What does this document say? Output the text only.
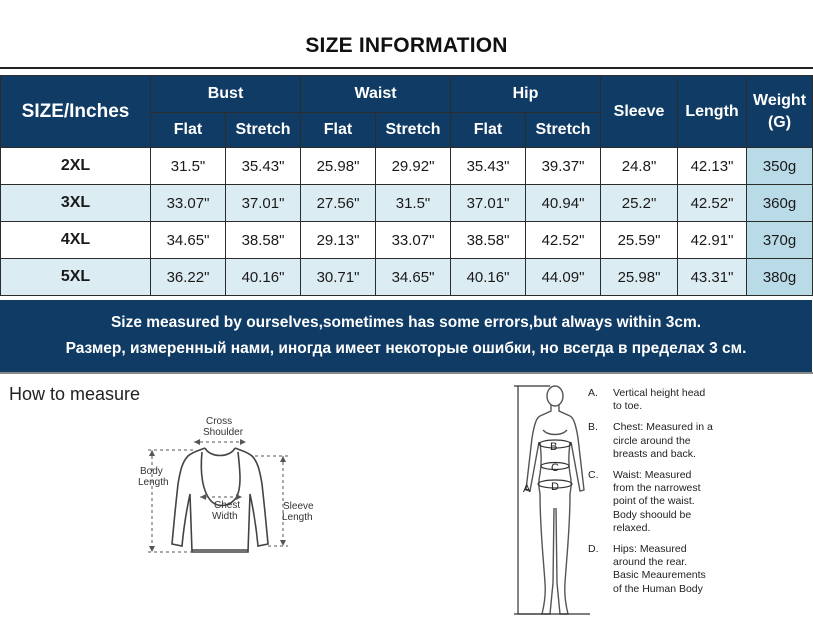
SIZE INFORMATION
SIZE/Inches	Bust		Waist		Hip		Sleeve	Length	Weight
(G)

	Flat	Stretch	Flat	Stretch	Flat	Stretch			
2XL	31.5"	35.43"	25.98"	29.92"	35.43"	39.37"	24.8"	42.13"	350g
3XL	33.07"	37.01"	27.56"	31.5"	37.01"	40.94"	25.2"	42.52"	360g
4XL	34.65"	38.58"	29.13"	33.07"	38.58"	42.52"	25.59"	42.91"	370g
5XL	36.22"	40.16"	30.71"	34.65"	40.16"	44.09"	25.98"	43.31"	380g
Size measured by ourselves,sometimes has some errors,but always within 3cm.
Размер, измеренный нами, иногда имеет некоторые ошибки, но всегда в пределах 3 см.
How to measure
Cross Shoulder
Body Length
Chest Width
Sleeve Length
A
B
C
D
A. Vertical height head
to toe.
B. Chest: Measured in a
circle around the
breasts and back.
C. Waist: Measured
from the narrowest
point of the waist.
Body shoould be
relaxed.
D. Hips: Measured
around the rear.
Basic Meaurements
of the Human Body
